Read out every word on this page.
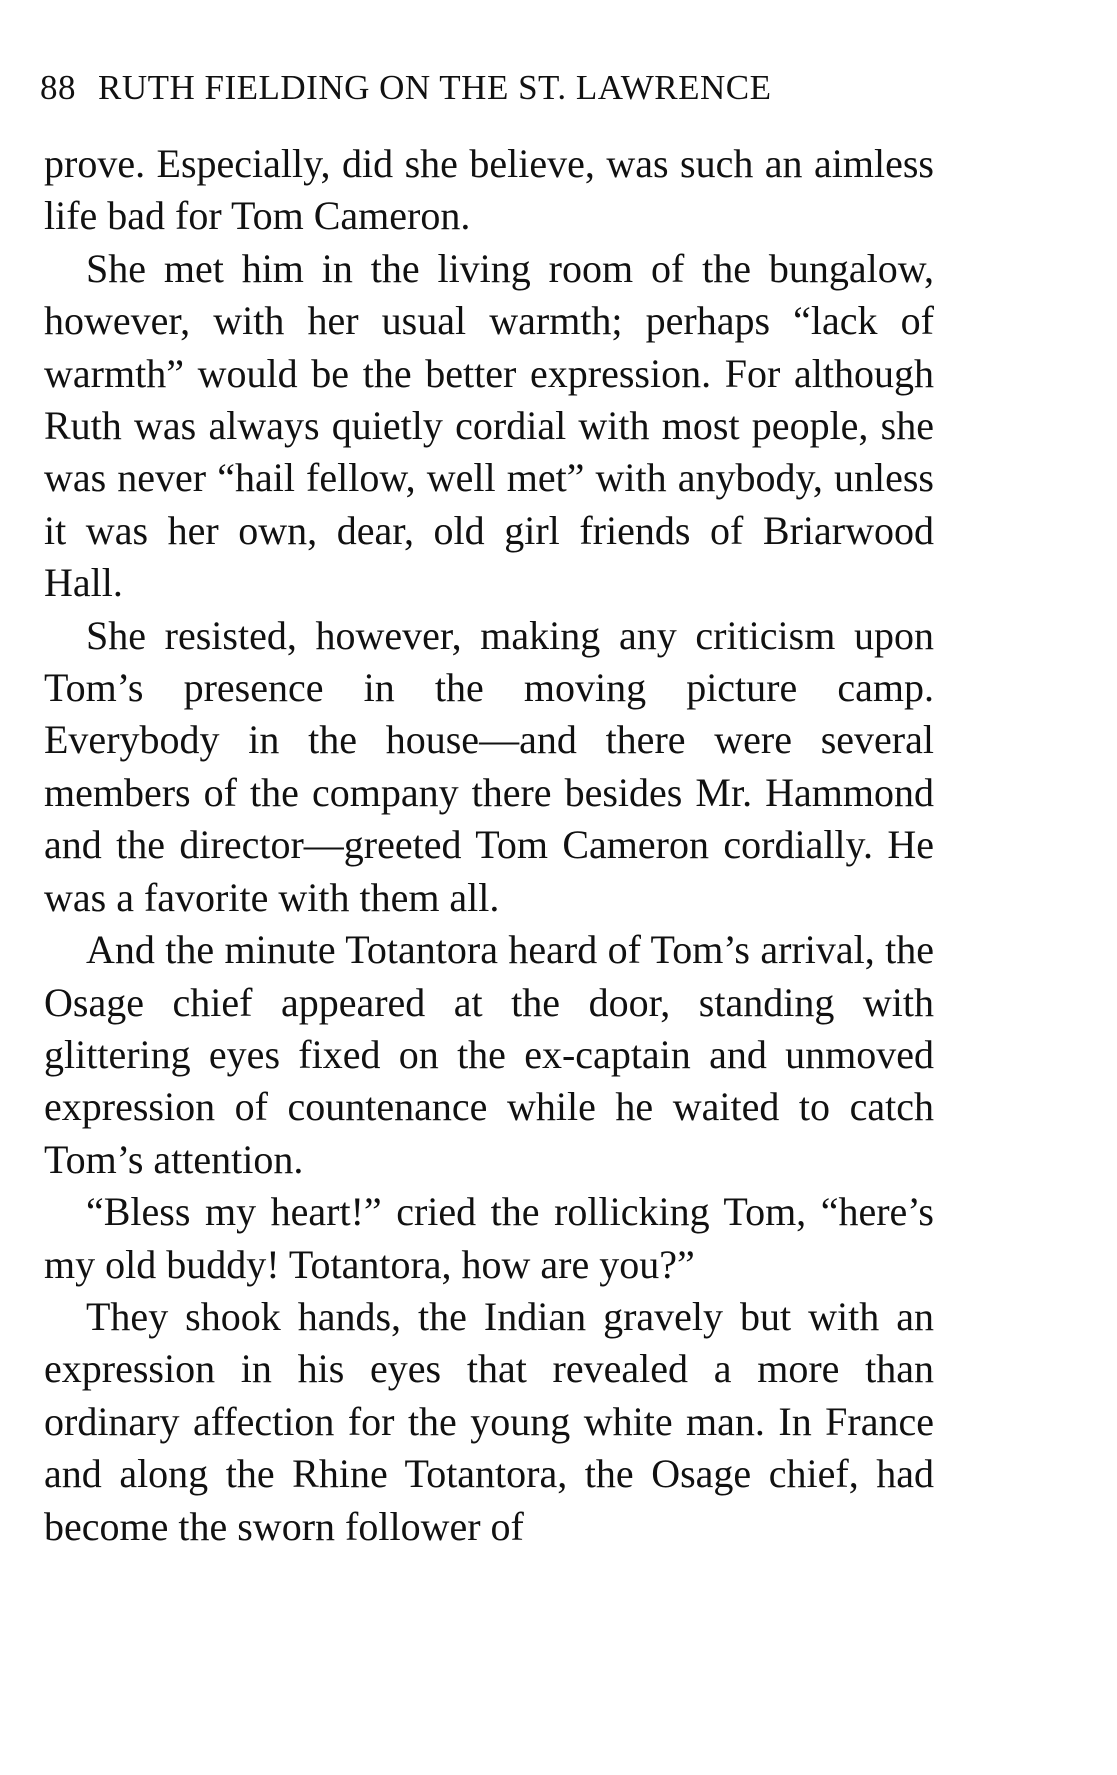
88 RUTH FIELDING ON THE ST. LAWRENCE

prove. Especially, did she believe, was such an aimless life bad for Tom Cameron.

She met him in the living room of the bungalow, however, with her usual warmth; perhaps “lack of warmth” would be the better expression. For although Ruth was always quietly cordial with most people, she was never “hail fellow, well met” with anybody, unless it was her own, dear, old girl friends of Briarwood Hall.

She resisted, however, making any criticism upon Tom’s presence in the moving picture camp. Everybody in the house—and there were several members of the company there besides Mr. Hammond and the director—greeted Tom Cameron cordially. He was a favorite with them all.

And the minute Totantora heard of Tom’s arrival, the Osage chief appeared at the door, standing with glittering eyes fixed on the ex-captain and unmoved expression of countenance while he waited to catch Tom’s attention.

“Bless my heart!” cried the rollicking Tom, “here’s my old buddy! Totantora, how are you?”

They shook hands, the Indian gravely but with an expression in his eyes that revealed a more than ordinary affection for the young white man. In France and along the Rhine Totantora, the Osage chief, had become the sworn follower of
